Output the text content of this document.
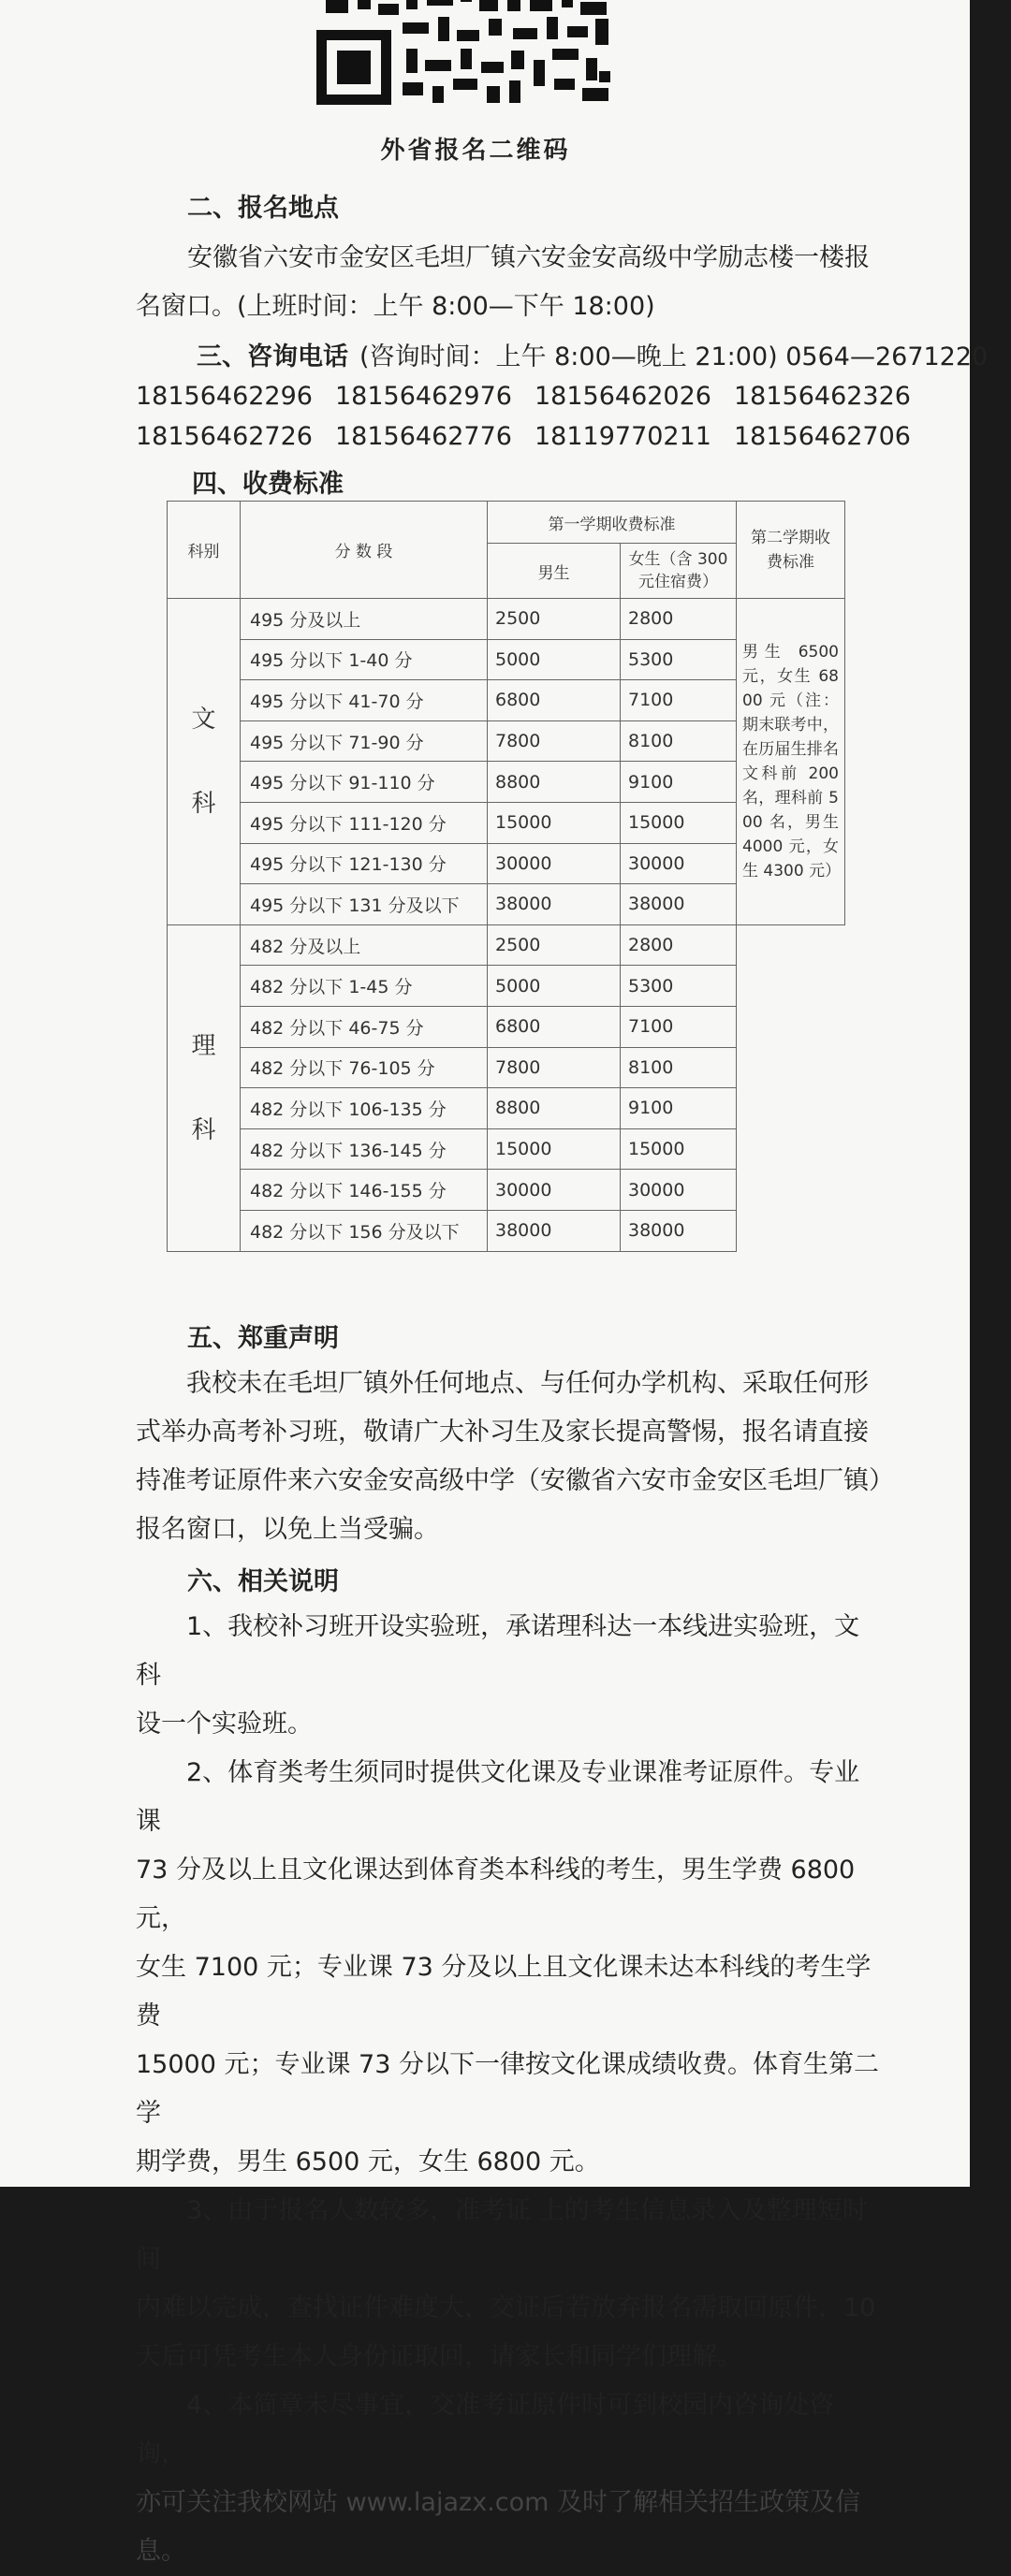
外省报名二维码
二、报名地点
安徽省六安市金安区毛坦厂镇六安金安高级中学励志楼一楼报
名窗口。(上班时间：上午 8:00—下午 18:00)
三、咨询电话 (咨询时间：上午 8:00—晚上 21:00) 0564—2671220
18156462296 18156462976 18156462026 18156462326
18156462726 18156462776 18119770211 18156462706
四、收费标准
科别	分 数 段	第一学期收费标准		第二学期收费标准
		男生	女生（含 300 元住宿费）	

文
科	495 分及以上	2500	2800	男生 6500 元，女生 6800 元（注：期末联考中，在历届生排名文科前 200 名，理科前 500 名，男生 4000 元，女生 4300 元）
	495 分以下 1-40 分	5000	5300	
	495 分以下 41-70 分	6800	7100	
	495 分以下 71-90 分	7800	8100	
	495 分以下 91-110 分	8800	9100	
	495 分以下 111-120 分	15000	15000	
	495 分以下 121-130 分	30000	30000	
	495 分以下 131 分及以下	38000	38000	

理
科	482 分及以上	2500	2800	
	482 分以下 1-45 分	5000	5300	
	482 分以下 46-75 分	6800	7100	
	482 分以下 76-105 分	7800	8100	
	482 分以下 106-135 分	8800	9100	
	482 分以下 136-145 分	15000	15000	
	482 分以下 146-155 分	30000	30000	
	482 分以下 156 分及以下	38000	38000	
五、郑重声明

我校未在毛坦厂镇外任何地点、与任何办学机构、采取任何形

式举办高考补习班，敬请广大补习生及家长提高警惕，报名请直接

持准考证原件来六安金安高级中学（安徽省六安市金安区毛坦厂镇）

报名窗口，以免上当受骗。

六、相关说明

1、我校补习班开设实验班，承诺理科达一本线进实验班，文科

设一个实验班。

2、体育类考生须同时提供文化课及专业课准考证原件。专业课

73 分及以上且文化课达到体育类本科线的考生，男生学费 6800 元，

女生 7100 元；专业课 73 分及以上且文化课未达本科线的考生学费

15000 元；专业课 73 分以下一律按文化课成绩收费。体育生第二学

期学费，男生 6500 元，女生 6800 元。

3、由于报名人数较多，准考证 上的考生信息录入及整理短时间

内难以完成，查找证件难度大，交证后若放弃报名需取回原件，10

天后可凭考生本人身份证取回，请家长和同学们理解。

4、本简章未尽事宜，交准考证原件时可到校园内咨询处咨询，

亦可关注我校网站 www.lajazx.com 及时了解相关招生政策及信息。
